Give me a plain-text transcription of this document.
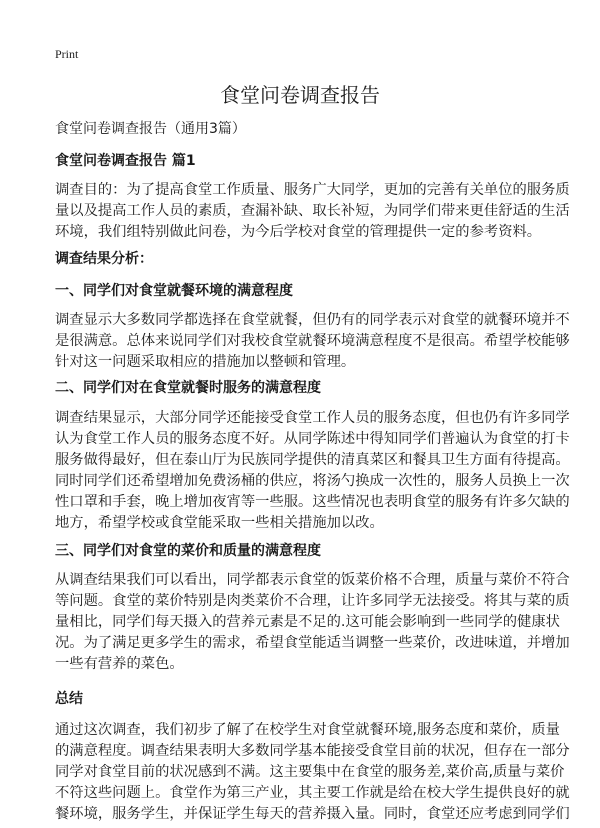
Print
食堂问卷调查报告
食堂问卷调查报告（通用3篇）
食堂问卷调查报告 篇1
调查目的：为了提高食堂工作质量、服务广大同学，更加的完善有关单位的服务质
量以及提高工作人员的素质，查漏补缺、取长补短，为同学们带来更佳舒适的生活
环境，我们组特别做此问卷，为今后学校对食堂的管理提供一定的参考资料。
调查结果分析：
一、同学们对食堂就餐环境的满意程度
调查显示大多数同学都选择在食堂就餐，但仍有的同学表示对食堂的就餐环境并不
是很满意。总体来说同学们对我校食堂就餐环境满意程度不是很高。希望学校能够
针对这一问题采取相应的措施加以整顿和管理。
二、同学们对在食堂就餐时服务的满意程度
调查结果显示，大部分同学还能接受食堂工作人员的服务态度，但也仍有许多同学
认为食堂工作人员的服务态度不好。从同学陈述中得知同学们普遍认为食堂的打卡
服务做得最好，但在泰山厅为民族同学提供的清真菜区和餐具卫生方面有待提高。
同时同学们还希望增加免费汤桶的供应，将汤勺换成一次性的，服务人员换上一次
性口罩和手套，晚上增加夜宵等一些服。这些情况也表明食堂的服务有许多欠缺的
地方，希望学校或食堂能采取一些相关措施加以改。
三、同学们对食堂的菜价和质量的满意程度
从调查结果我们可以看出，同学都表示食堂的饭菜价格不合理，质量与菜价不符合
等问题。食堂的菜价特别是肉类菜价不合理，让许多同学无法接受。将其与菜的质
量相比，同学们每天摄入的营养元素是不足的.这可能会影响到一些同学的健康状
况。为了满足更多学生的需求，希望食堂能适当调整一些菜价，改进味道，并增加
一些有营养的菜色。
总结
通过这次调查，我们初步了解了在校学生对食堂就餐环境,服务态度和菜价，质量
的满意程度。调查结果表明大多数同学基本能接受食堂目前的状况，但存在一部分
同学对食堂目前的状况感到不满。这主要集中在食堂的服务差,菜价高,质量与菜价
不符这些问题上。食堂作为第三产业，其主要工作就是给在校大学生提供良好的就
餐环境，服务学生，并保证学生每天的营养摄入量。同时，食堂还应考虑到同学们
